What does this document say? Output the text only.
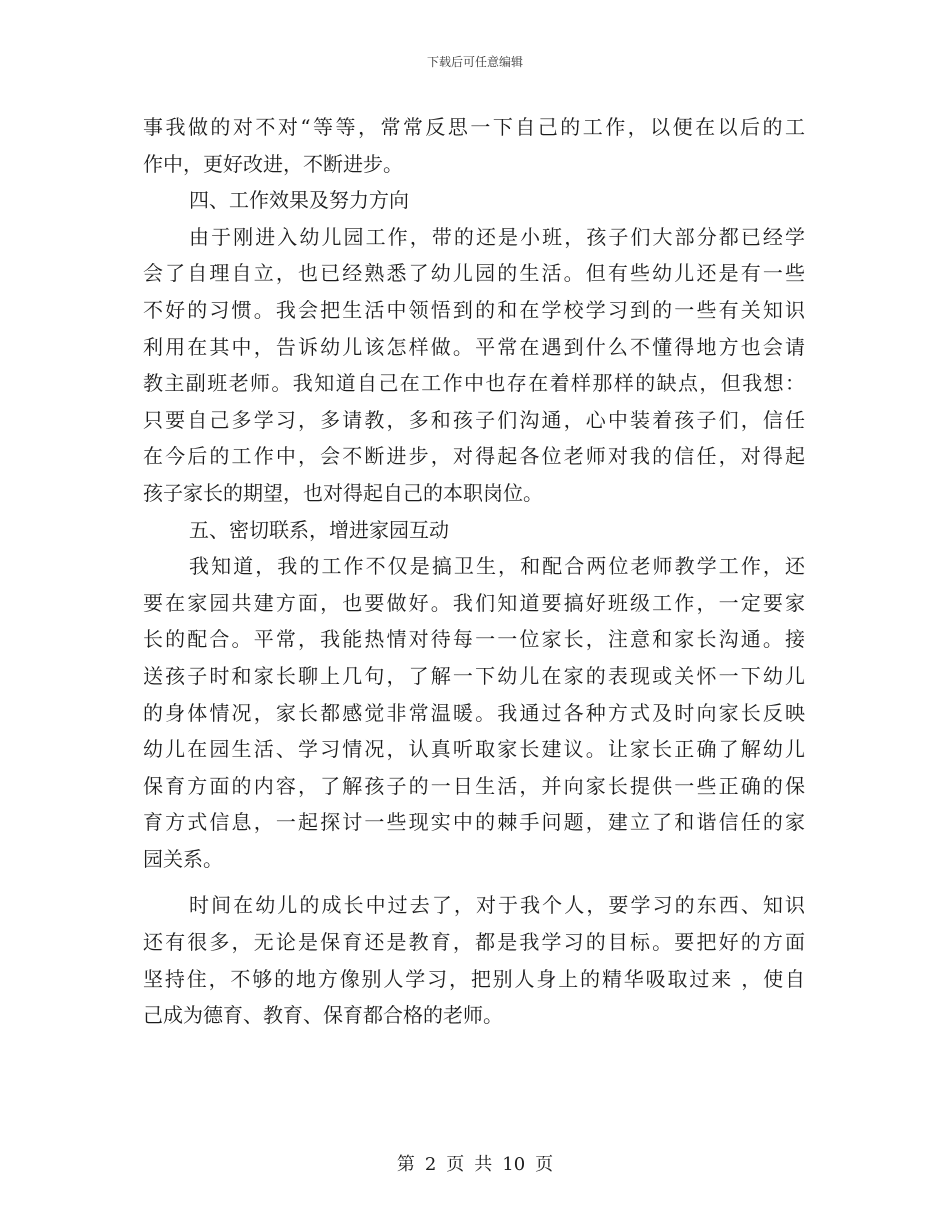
下载后可任意编辑
事我做的对不对“等等，常常反思一下自己的工作，以便在以后的工
作中，更好改进，不断进步。
四、工作效果及努力方向
由于刚进入幼儿园工作，带的还是小班，孩子们大部分都已经学
会了自理自立，也已经熟悉了幼儿园的生活。但有些幼儿还是有一些
不好的习惯。我会把生活中领悟到的和在学校学习到的一些有关知识
利用在其中，告诉幼儿该怎样做。平常在遇到什么不懂得地方也会请
教主副班老师。我知道自己在工作中也存在着样那样的缺点，但我想：
只要自己多学习，多请教，多和孩子们沟通，心中装着孩子们，信任
在今后的工作中，会不断进步，对得起各位老师对我的信任，对得起
孩子家长的期望，也对得起自己的本职岗位。
五、密切联系，增进家园互动
我知道，我的工作不仅是搞卫生，和配合两位老师教学工作，还
要在家园共建方面，也要做好。我们知道要搞好班级工作，一定要家
长的配合。平常，我能热情对待每一一位家长，注意和家长沟通。接
送孩子时和家长聊上几句，了解一下幼儿在家的表现或关怀一下幼儿
的身体情况，家长都感觉非常温暖。我通过各种方式及时向家长反映
幼儿在园生活、学习情况，认真听取家长建议。让家长正确了解幼儿
保育方面的内容，了解孩子的一日生活，并向家长提供一些正确的保
育方式信息，一起探讨一些现实中的棘手问题，建立了和谐信任的家
园关系。
时间在幼儿的成长中过去了，对于我个人，要学习的东西、知识
还有很多，无论是保育还是教育，都是我学习的目标。要把好的方面
坚持住，不够的地方像别人学习，把别人身上的精华吸取过来 ，使自
己成为德育、教育、保育都合格的老师。
第 2 页 共 10 页
